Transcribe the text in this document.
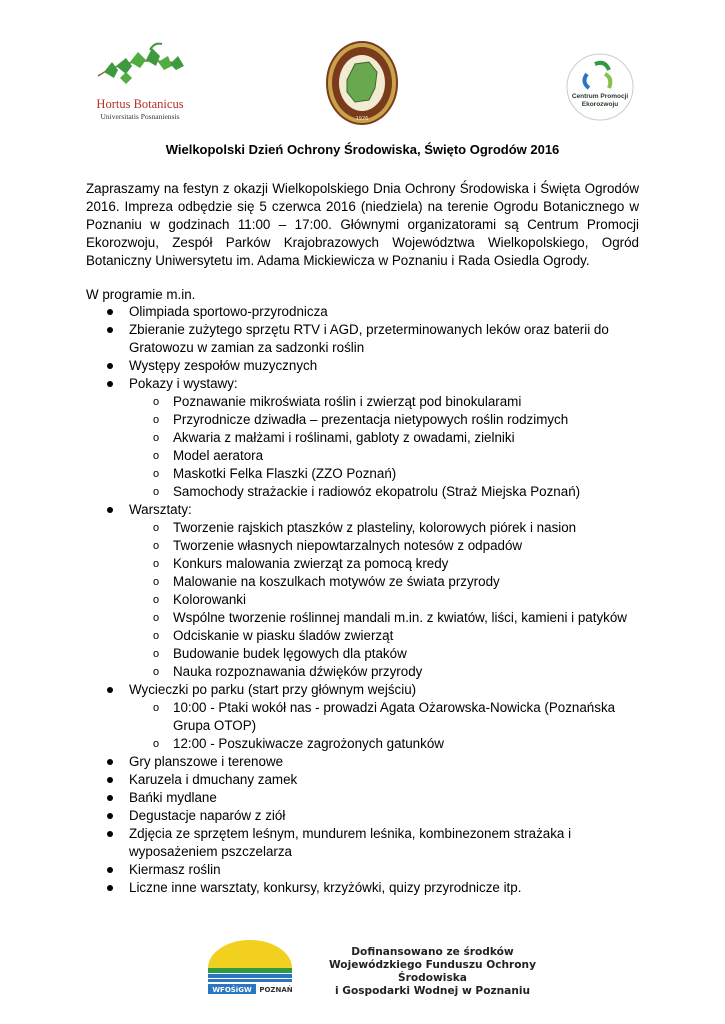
Hortus Botanicus
Universitatis Posnaniensis	1926
Centrum Promocji
Ekorozwoju
Wielkopolski Dzień Ochrony Środowiska, Święto Ogrodów 2016
Zapraszamy na festyn z okazji Wielkopolskiego Dnia Ochrony Środowiska i Święta Ogrodów 2016. Impreza odbędzie się 5 czerwca 2016 (niedziela) na terenie Ogrodu Botanicznego w Poznaniu w godzinach 11:00 – 17:00. Głównymi organizatorami są Centrum Promocji Ekorozwoju, Zespół Parków Krajobrazowych Województwa Wielkopolskiego, Ogród Botaniczny Uniwersytetu im. Adama Mickiewicza w Poznaniu i Rada Osiedla Ogrody.
W programie m.in.
Olimpiada sportowo-przyrodnicza
Zbieranie zużytego sprzętu RTV i AGD, przeterminowanych leków oraz baterii do Gratowozu w zamian za sadzonki roślin
Występy zespołów muzycznych
Pokazy i wystawy:
o Poznawanie mikroświata roślin i zwierząt pod binokularami
o Przyrodnicze dziwadła – prezentacja nietypowych roślin rodzimych
o Akwaria z małżami i roślinami, gabloty z owadami, zielniki
o Model aeratora
o Maskotki Felka Flaszki (ZZO Poznań)
o Samochody strażackie i radiowóz ekopatrolu (Straż Miejska Poznań)
Warsztaty:
o Tworzenie rajskich ptaszków z plasteliny, kolorowych piórek i nasion
o Tworzenie własnych niepowtarzalnych notesów z odpadów
o Konkurs malowania zwierząt za pomocą kredy
o Malowanie na koszulkach motywów ze świata przyrody
o Kolorowanki
o Wspólne tworzenie roślinnej mandali m.in. z kwiatów, liści, kamieni i patyków
o Odciskanie w piasku śladów zwierząt
o Budowanie budek lęgowych dla ptaków
o Nauka rozpoznawania dźwięków przyrody
Wycieczki po parku (start przy głównym wejściu)
o 10:00 - Ptaki wokół nas - prowadzi Agata Ożarowska-Nowicka (Poznańska Grupa OTOP)
o 12:00 - Poszukiwacze zagrożonych gatunków
Gry planszowe i terenowe
Karuzela i dmuchany zamek
Bańki mydlane
Degustacje naparów z ziół
Zdjęcia ze sprzętem leśnym, mundurem leśnika, kombinezonem strażaka i wyposażeniem pszczelarza
Kiermasz roślin
Liczne inne warsztaty, konkursy, krzyżówki, quizy przyrodnicze itp.
WFOŚiGW POZNAŃ
Dofinansowano ze środków
Wojewódzkiego Funduszu Ochrony Środowiska
i Gospodarki Wodnej w Poznaniu
